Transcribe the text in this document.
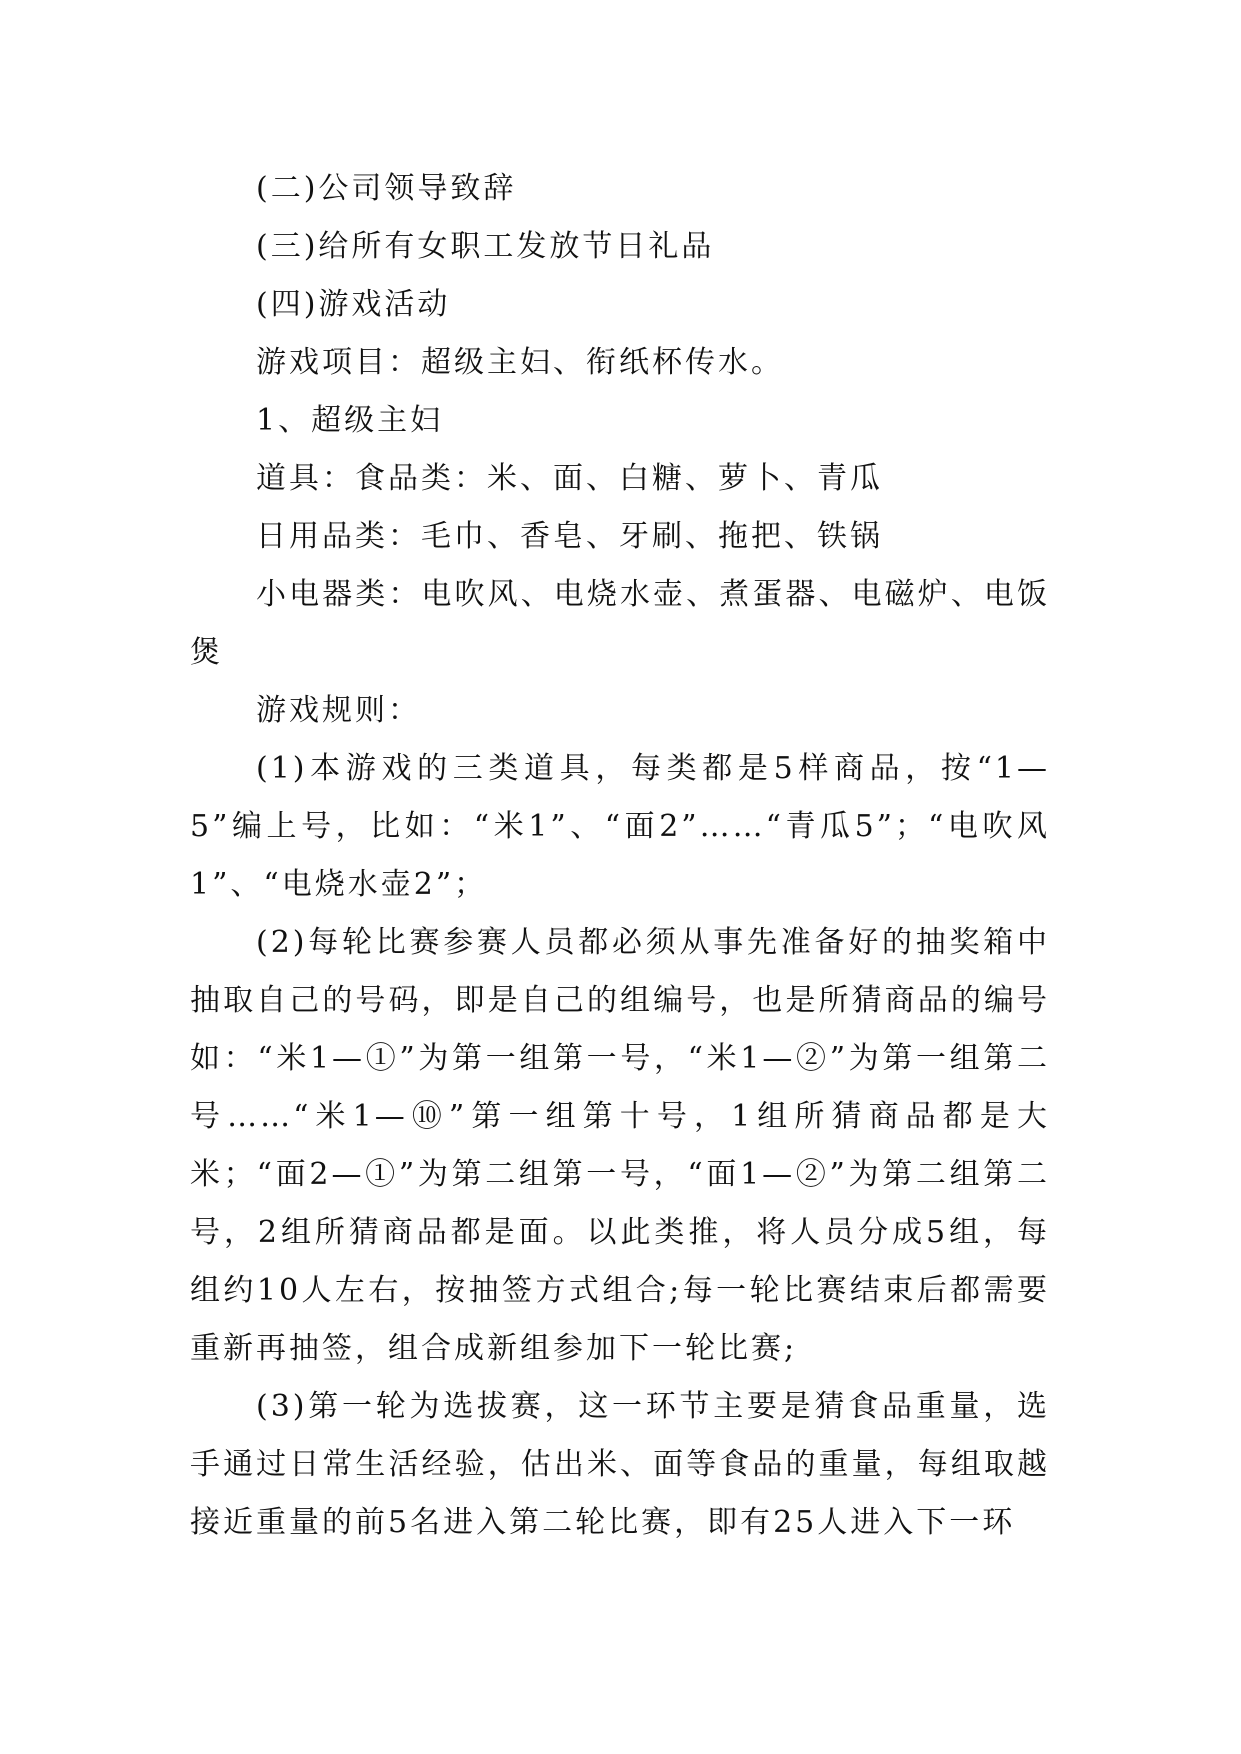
(二)公司领导致辞

(三)给所有女职工发放节日礼品

(四)游戏活动

游戏项目：超级主妇、衔纸杯传水。

1、超级主妇

道具：食品类：米、面、白糖、萝卜、青瓜

日用品类：毛巾、香皂、牙刷、拖把、铁锅

小电器类：电吹风、电烧水壶、煮蛋器、电磁炉、电饭煲

游戏规则：

(1)本游戏的三类道具，每类都是5样商品，按“1—5”编上号，比如：“米1”、“面2”……“青瓜5”；“电吹风1”、“电烧水壶2”；

(2)每轮比赛参赛人员都必须从事先准备好的抽奖箱中抽取自己的号码，即是自己的组编号，也是所猜商品的编号如：“米1—①”为第一组第一号，“米1—②”为第一组第二号……“米1—⑩”第一组第十号，1组所猜商品都是大米；“面2—①”为第二组第一号，“面1—②”为第二组第二号，2组所猜商品都是面。以此类推，将人员分成5组，每组约10人左右，按抽签方式组合;每一轮比赛结束后都需要重新再抽签，组合成新组参加下一轮比赛;

(3)第一轮为选拔赛，这一环节主要是猜食品重量，选手通过日常生活经验，估出米、面等食品的重量，每组取越接近重量的前5名进入第二轮比赛，即有25人进入下一环
